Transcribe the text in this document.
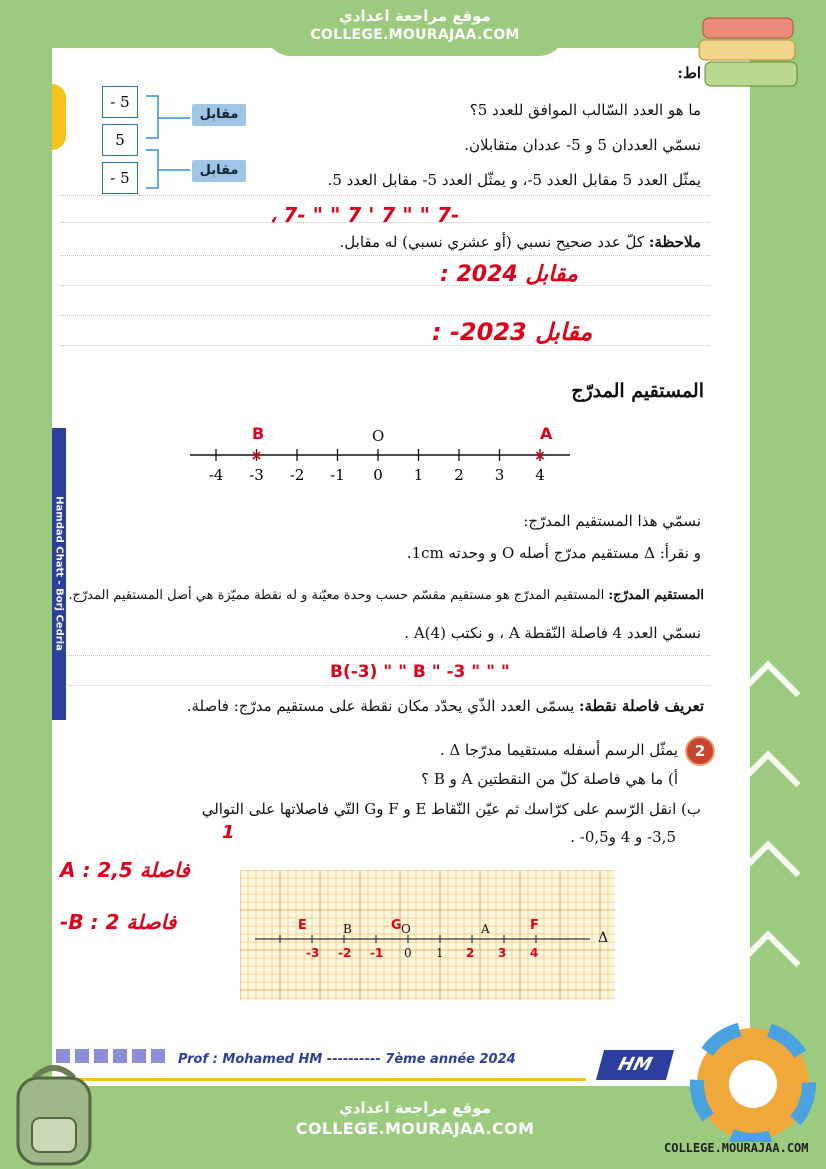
موقع مراجعة اعدادي
COLLEGE.MOURAJAA.COM
اط:
ما هو العدد السّالب الموافق للعدد 5؟
نسمّي العددان 5 و 5- عددان متقابلان.
يمثّل العدد 5 مقابل العدد 5-، و يمثّل العدد 5- مقابل العدد 5.
- 5
5
- 5
مقابل
مقابل
-7 " " 7 ' 7 " " -7 ،
ملاحظة: كلّ عدد صحيح نسبي (أو عشري نسبي) له مقابل.
مقابل 2024 :
مقابل 2023- :
المستقيم المدرّج
-4 -3 -2 -1 0 1 2 3 4
×	×
B	A
O
نسمّي هذا المستقيم المدرّج:
و نقرأ: Δ مستقيم مدرّج أصله O و وحدته 1cm.
المستقيم المدرّج: المستقيم المدرّج هو مستقيم مقسّم حسب وحدة معيّنة و له نقطة مميّزة هي أصل المستقيم المدرّج.
نسمّي العدد 4 فاصلة النّقطة A ، و نكتب A(4) .
B(-3) " " B " -3 " " "
تعريف فاصلة نقطة: يسمّى العدد الذّي يحدّد مكان نقطة على مستقيم مدرّج: فاصلة.
2
يمثّل الرسم أسفله مستقيما مدرّجا Δ .
أ) ما هي فاصلة كلّ من النقطتين A و B ؟
ب) انقل الرّسم على كرّاسك ثم عيّن النّقاط E و F وG التّي فاصلاتها على التوالي
3,5- و 4 و0,5- .
1
فاصلة A : 2,5
فاصلة B : 2-	B	O	A
Δ
0 1
E	G	F
-3 -2 -1	2 3 4
Hamdad Chatt - Borj Cedria
Prof : Mohamed HM ---------- 7ème année 2024	HM
موقع مراجعة اعدادي
COLLEGE.MOURAJAA.COM
COLLEGE.MOURAJAA.COM
